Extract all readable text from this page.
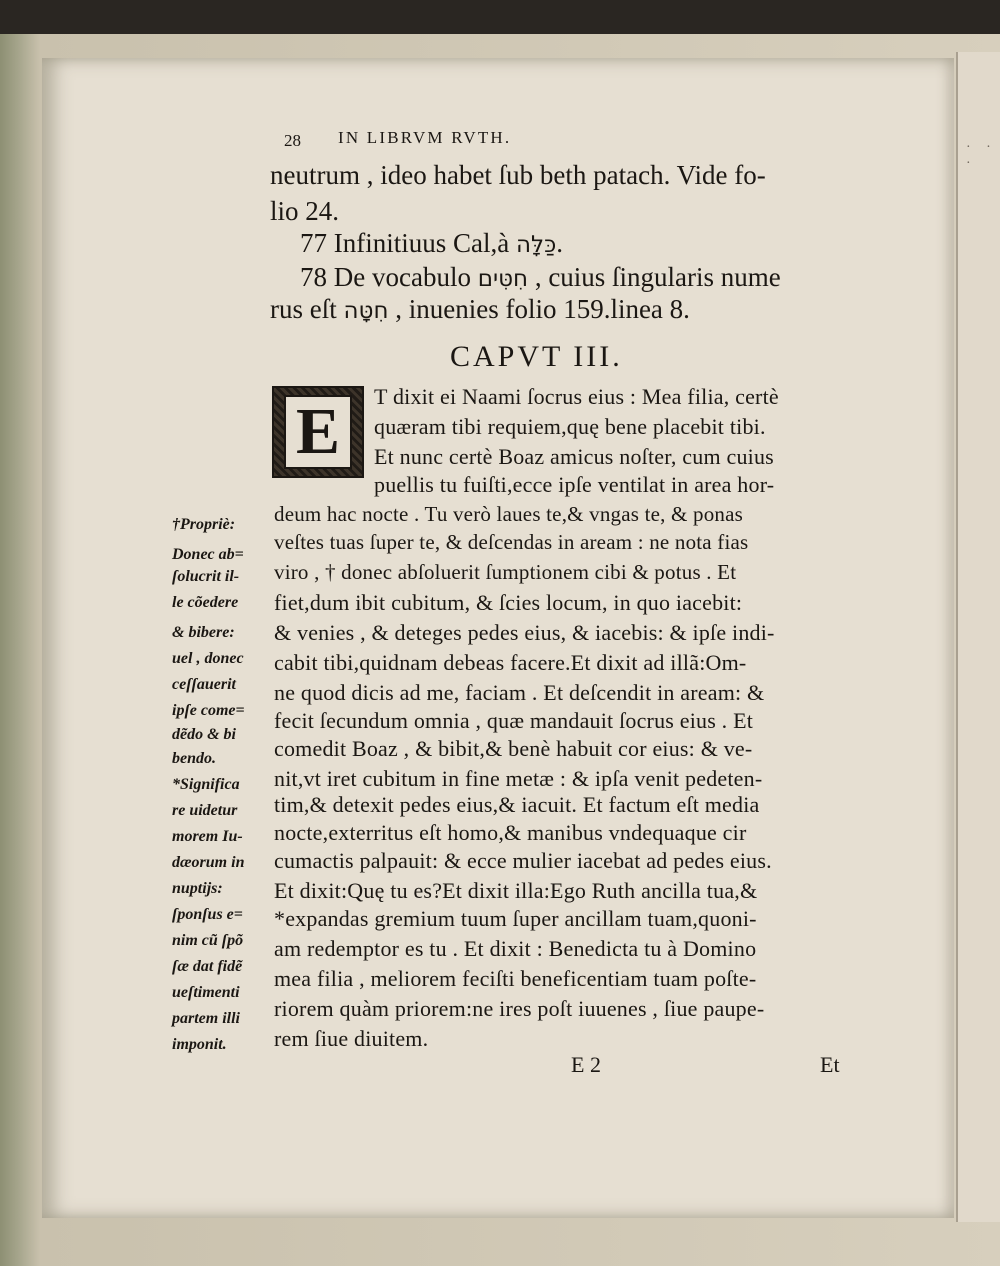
· · ·
28 IN LIBRVM RVTH.
neutrum , ideo habet ſub beth patach. Vide fo-
lio 24.
77 Infinitiuus Cal,à כַּלָּה.
78 De vocabulo חִטִּים , cuius ſingularis nume
rus eſt חִטָּה , inuenies folio 159.linea 8.
CAPVT III.
E	T dixit ei Naami ſocrus eius : Mea filia, certè
quæram tibi requiem,quę bene placebit tibi.
Et nunc certè Boaz amicus noſter, cum cuius
puellis tu fuiſti,ecce ipſe ventilat in area hor-
deum hac nocte . Tu verò laues te,& vngas te, & ponas
veſtes tuas ſuper te, & deſcendas in aream : ne nota fias
viro , † donec abſoluerit ſumptionem cibi & potus . Et
fiet,dum ibit cubitum, & ſcies locum, in quo iacebit:
& venies , & deteges pedes eius, & iacebis: & ipſe indi-
cabit tibi,quidnam debeas facere.Et dixit ad illã:Om-
ne quod dicis ad me, faciam . Et deſcendit in aream: &
fecit ſecundum omnia , quæ mandauit ſocrus eius . Et
comedit Boaz , & bibit,& benè habuit cor eius: & ve-
nit,vt iret cubitum in fine metæ : & ipſa venit pedeten-
tim,& detexit pedes eius,& iacuit. Et factum eſt media
nocte,exterritus eſt homo,& manibus vndequaque cir
cumactis palpauit: & ecce mulier iacebat ad pedes eius.
Et dixit:Quę tu es?Et dixit illa:Ego Ruth ancilla tua,&
*expandas gremium tuum ſuper ancillam tuam,quoni-
am redemptor es tu . Et dixit : Benedicta tu à Domino
mea filia , meliorem feciſti beneficentiam tuam poſte-
riorem quàm priorem:ne ires poſt iuuenes , ſiue paupe-
rem ſiue diuitem.
†Propriè:
Donec ab=
ſolucrit il-
le cõedere
& bibere:
uel , donec
ceſſauerit
ipſe come=
dẽdo & bi
bendo.
*Significa
re uidetur
morem Iu-
dæorum in
nuptijs:
ſponſus e=
nim cũ ſpõ
ſæ dat fidẽ
ueſtimenti
partem illi
imponit.
E 2	Et
